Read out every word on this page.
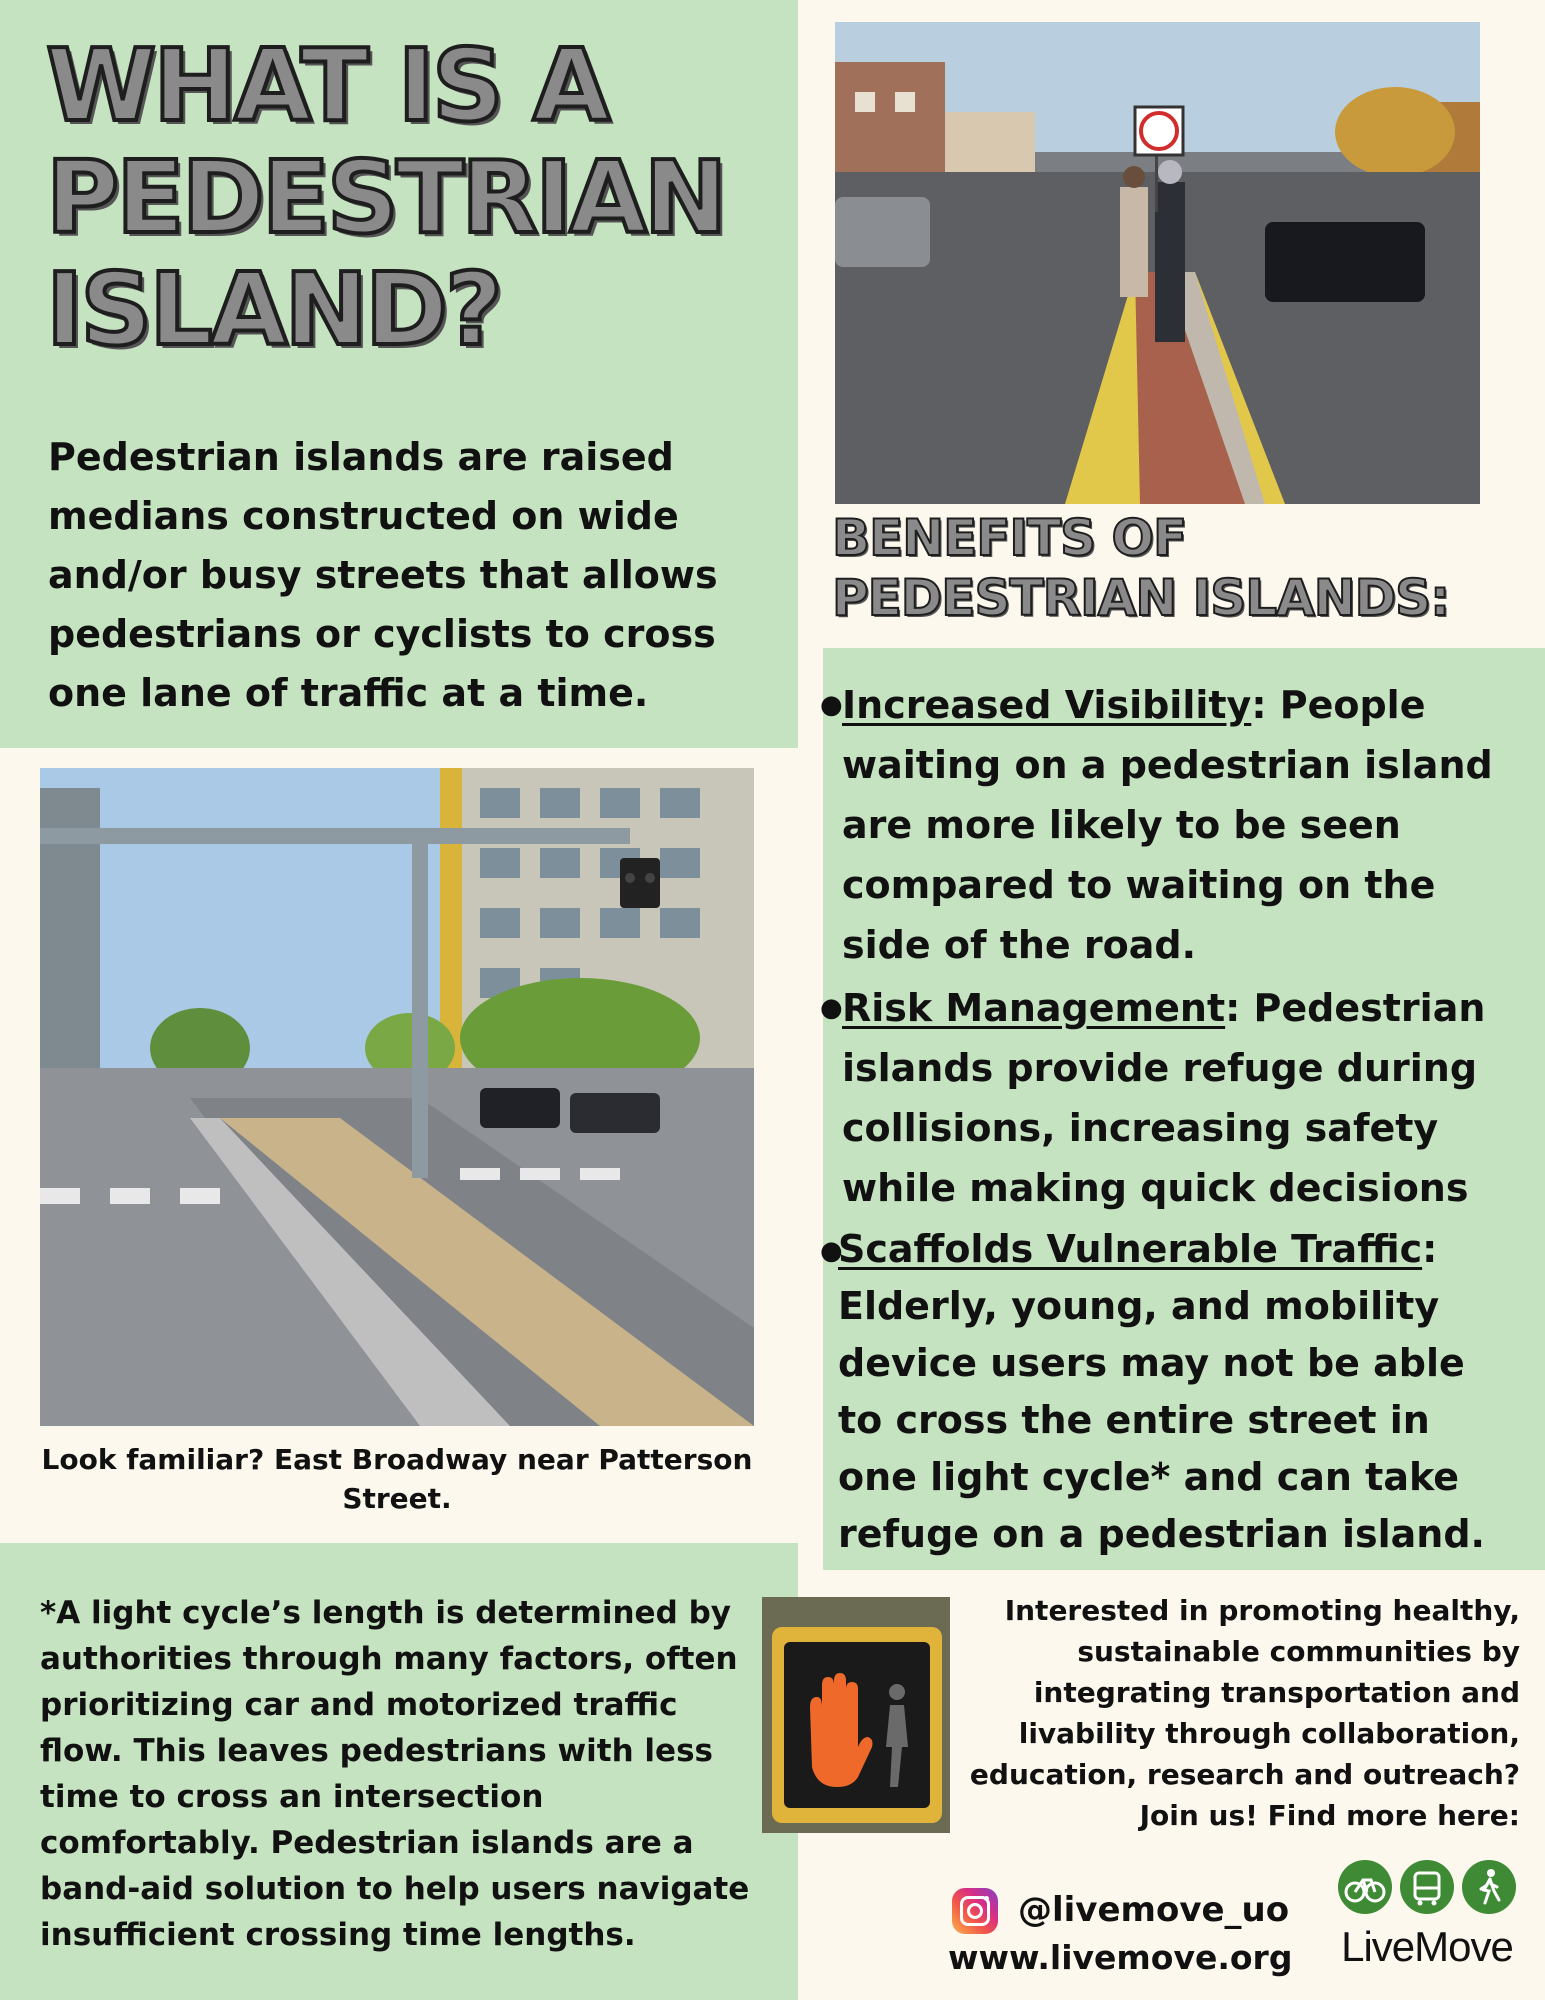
WHAT IS A PEDESTRIAN ISLAND?
Pedestrian islands are raised medians constructed on wide and/or busy streets that allows pedestrians or cyclists to cross one lane of traffic at a time.
BENEFITS OF PEDESTRIAN ISLANDS:
● Increased Visibility: People waiting on a pedestrian island are more likely to be seen compared to waiting on the side of the road.
● Risk Management: Pedestrian islands provide refuge during collisions, increasing safety while making quick decisions
●
Scaffolds Vulnerable Traffic: Elderly, young, and mobility device users may not be able to cross the entire street in one light cycle* and can take refuge on a pedestrian island.
Look familiar? East Broadway near Patterson Street.
*A light cycle’s length is determined by authorities through many factors, often prioritizing car and motorized traffic flow. This leaves pedestrians with less time to cross an intersection comfortably. Pedestrian islands are a band-aid solution to help users navigate insufficient crossing time lengths.
Interested in promoting healthy, sustainable communities by integrating transportation and livability through collaboration, education, research and outreach? Join us! Find more here:
@livemove_uo
www.livemove.org LiveMove
